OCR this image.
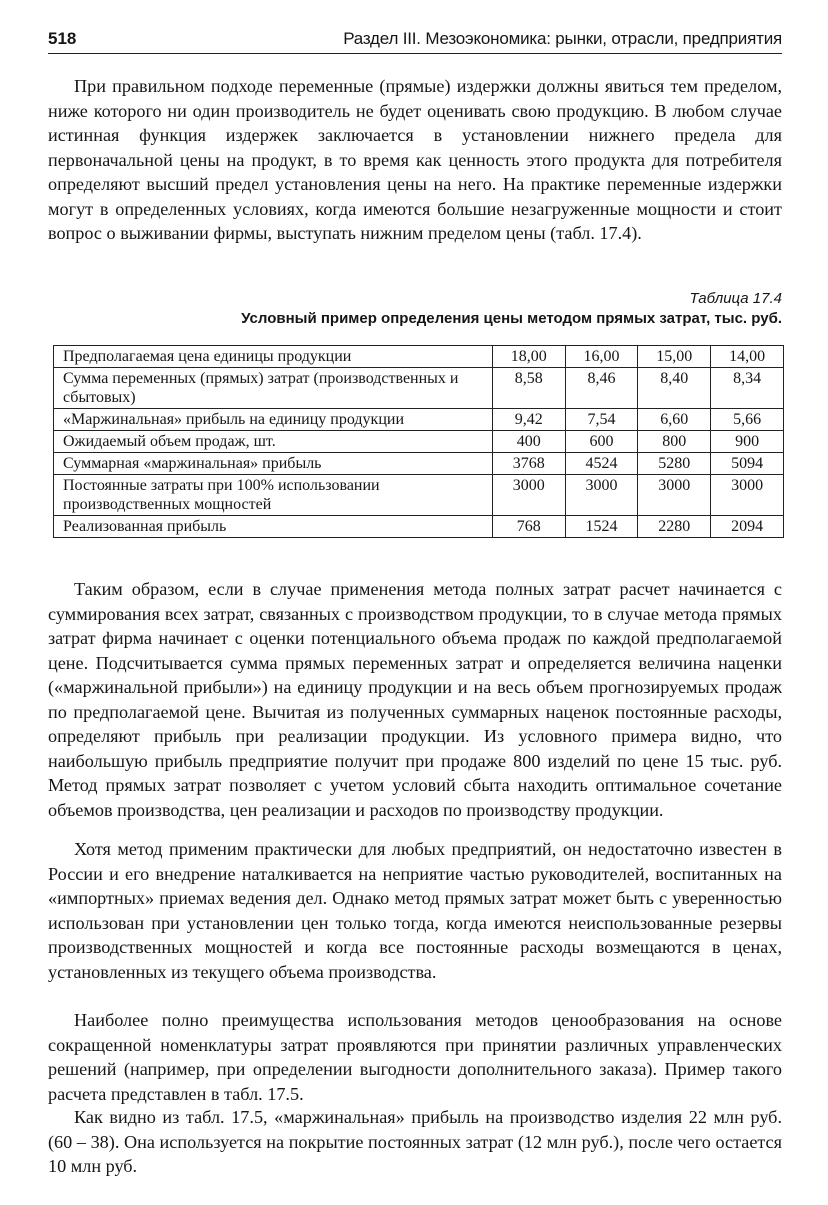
518	Раздел III. Мезоэкономика: рынки, отрасли, предприятия

При правильном подходе переменные (прямые) издержки должны явиться тем пределом, ниже которого ни один производитель не будет оценивать свою продукцию. В любом случае истинная функция издержек заключается в установлении нижнего предела для первоначальной цены на продукт, в то время как ценность этого продукта для потребителя определяют высший предел установления цены на него. На практике переменные издержки могут в определенных условиях, когда имеются большие незагруженные мощности и стоит вопрос о выживании фирмы, выступать нижним пределом цены (табл. 17.4).

Таблица 17.4
Условный пример определения цены методом прямых затрат, тыс. руб.
Предполагаемая цена единицы продукции	18,00	16,00	15,00	14,00
Сумма переменных (прямых) затрат (производственных и сбытовых)	8,58	8,46	8,40	8,34
«Маржинальная» прибыль на единицу продукции	9,42	7,54	6,60	5,66
Ожидаемый объем продаж, шт.	400	600	800	900
Суммарная «маржинальная» прибыль	3768	4524	5280	5094
Постоянные затраты при 100% использовании производственных мощностей	3000	3000	3000	3000
Реализованная прибыль	768	1524	2280	2094

Таким образом, если в случае применения метода полных затрат расчет начинается с суммирования всех затрат, связанных с производством продукции, то в случае метода прямых затрат фирма начинает с оценки потенциального объема продаж по каждой предполагаемой цене. Подсчитывается сумма прямых переменных затрат и определяется величина наценки («маржинальной прибыли») на единицу продукции и на весь объем прогнозируемых продаж по предполагаемой цене. Вычитая из полученных суммарных наценок постоянные расходы, определяют прибыль при реализации продукции. Из условного примера видно, что наибольшую прибыль предприятие получит при продаже 800 изделий по цене 15 тыс. руб. Метод прямых затрат позволяет с учетом условий сбыта находить оптимальное сочетание объемов производства, цен реализации и расходов по производству продукции.

Хотя метод применим практически для любых предприятий, он недостаточно известен в России и его внедрение наталкивается на неприятие частью руководителей, воспитанных на «импортных» приемах ведения дел. Однако метод прямых затрат может быть с уверенностью использован при установлении цен только тогда, когда имеются неиспользованные резервы производственных мощностей и когда все постоянные расходы возмещаются в ценах, установленных из текущего объема производства.

Наиболее полно преимущества использования методов ценообразования на основе сокращенной номенклатуры затрат проявляются при принятии различных управленческих решений (например, при определении выгодности дополнительного заказа). Пример такого расчета представлен в табл. 17.5.

Как видно из табл. 17.5, «маржинальная» прибыль на производство изделия 22 млн руб. (60 – 38). Она используется на покрытие постоянных затрат (12 млн руб.), после чего остается 10 млн руб.
